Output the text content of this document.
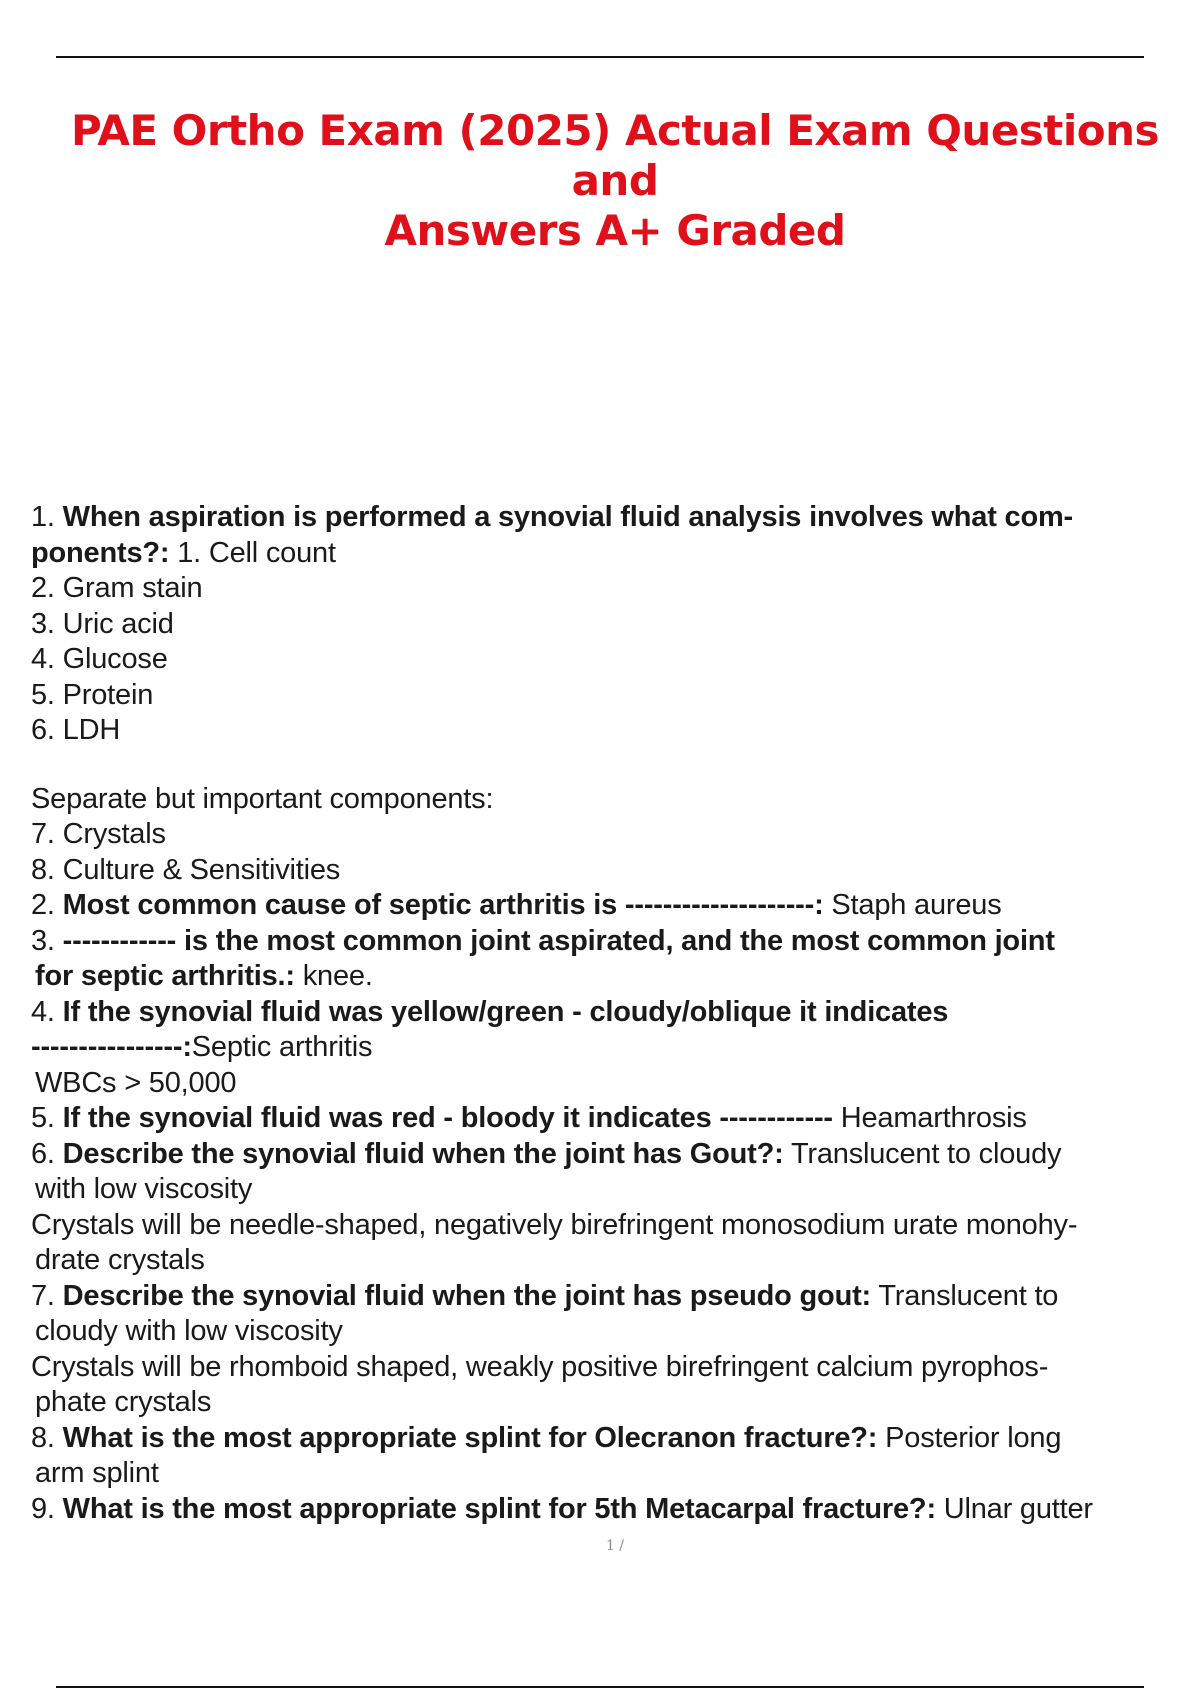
PAE Ortho Exam (2025) Actual Exam Questions and
Answers A+ Graded
1. When aspiration is performed a synovial fluid analysis involves what com-
ponents?: 1. Cell count
2. Gram stain
3. Uric acid
4. Glucose
5. Protein
6. LDH
Separate but important components:
7. Crystals
8. Culture & Sensitivities
2. Most common cause of septic arthritis is --------------------: Staph aureus
3. ------------ is the most common joint aspirated, and the most common joint
for septic arthritis.: knee.
4. If the synovial fluid was yellow/green - cloudy/oblique it indicates
----------------:Septic arthritis
WBCs > 50,000
5. If the synovial fluid was red - bloody it indicates ------------ Heamarthrosis
6. Describe the synovial fluid when the joint has Gout?: Translucent to cloudy
with low viscosity
Crystals will be needle-shaped, negatively birefringent monosodium urate monohy-
drate crystals
7. Describe the synovial fluid when the joint has pseudo gout: Translucent to
cloudy with low viscosity
Crystals will be rhomboid shaped, weakly positive birefringent calcium pyrophos-
phate crystals
8. What is the most appropriate splint for Olecranon fracture?: Posterior long
arm splint
9. What is the most appropriate splint for 5th Metacarpal fracture?: Ulnar gutter
1 /
